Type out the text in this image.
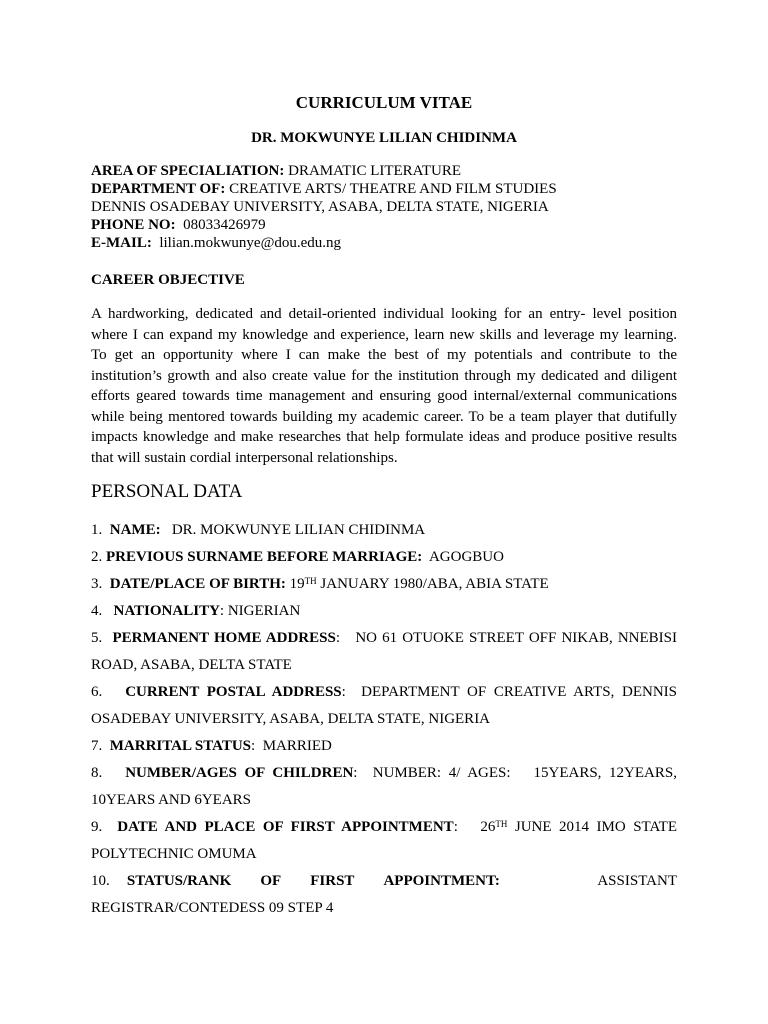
CURRICULUM VITAE
DR. MOKWUNYE LILIAN CHIDINMA
AREA OF SPECIALIATION: DRAMATIC LITERATURE
DEPARTMENT OF: CREATIVE ARTS/ THEATRE AND FILM STUDIES
DENNIS OSADEBAY UNIVERSITY, ASABA, DELTA STATE, NIGERIA
PHONE NO:  08033426979
E-MAIL:  lilian.mokwunye@dou.edu.ng
CAREER OBJECTIVE
A hardworking, dedicated and detail-oriented individual looking for an entry- level position
where I can expand my knowledge and experience, learn new skills and leverage my learning.
To get an opportunity where I can make the best of my potentials and contribute to the
institution’s growth and also create value for the institution through my dedicated and diligent
efforts geared towards time management and ensuring good internal/external communications
while being mentored towards building my academic career. To be a team player that dutifully
impacts knowledge and make researches that help formulate ideas and produce positive results
that will sustain cordial interpersonal relationships.
PERSONAL DATA
1.  NAME:   DR. MOKWUNYE LILIAN CHIDINMA
2. PREVIOUS SURNAME BEFORE MARRIAGE:  AGOGBUO
3.  DATE/PLACE OF BIRTH: 19TH JANUARY 1980/ABA, ABIA STATE
4.   NATIONALITY: NIGERIAN
5.  PERMANENT HOME ADDRESS:   NO 61 OTUOKE STREET OFF NIKAB, NNEBISI
ROAD, ASABA, DELTA STATE
6.   CURRENT POSTAL ADDRESS:  DEPARTMENT OF CREATIVE ARTS, DENNIS
OSADEBAY UNIVERSITY, ASABA, DELTA STATE, NIGERIA
7.  MARRITAL STATUS:  MARRIED
8.   NUMBER/AGES OF CHILDREN:  NUMBER: 4/ AGES:   15YEARS, 12YEARS,
10YEARS AND 6YEARS
9.  DATE AND PLACE OF FIRST APPOINTMENT:   26TH JUNE 2014 IMO STATE
POLYTECHNIC OMUMA
10. STATUS/RANK OF FIRST APPOINTMENT:	ASSISTANT
REGISTRAR/CONTEDESS 09 STEP 4
